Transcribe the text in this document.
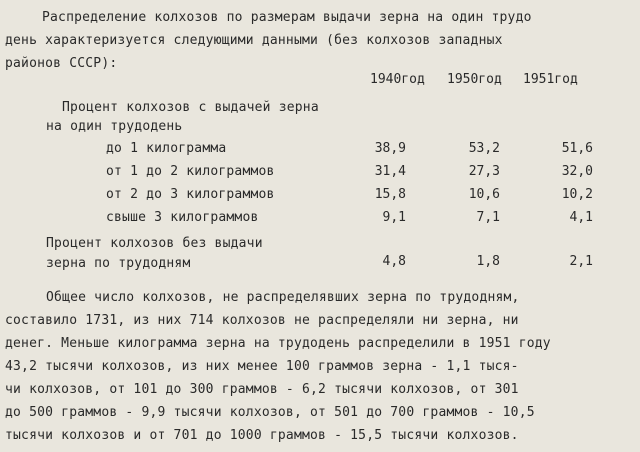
Распределение колхозов по размерам выдачи зерна на один трудо
день характеризуется следующими данными (без колхозов западных
районов СССР):
1940год 1950год 1951год
Процент колхозов с выдачей зерна
на один трудодень
до 1 килограмма	38,9	53,2	51,6
от 1 до 2 килограммов	31,4	27,3	32,0
от 2 до 3 килограммов	15,8	10,6	10,2
свыше 3 килограммов	9,1	7,1	4,1
Процент колхозов без выдачи
зерна по трудодням	4,8	1,8	2,1
Общее число колхозов, не распределявших зерна по трудодням,
составило 1731, из них 714 колхозов не распределяли ни зерна, ни
денег. Меньше килограмма зерна на трудодень распределили в 1951 году
43,2 тысячи колхозов, из них менее 100 граммов зерна - 1,1 тыся-
чи колхозов, от 101 до 300 граммов - 6,2 тысячи колхозов, от 301
до 500 граммов - 9,9 тысячи колхозов, от 501 до 700 граммов - 10,5
тысячи колхозов и от 701 до 1000 граммов - 15,5 тысячи колхозов.
